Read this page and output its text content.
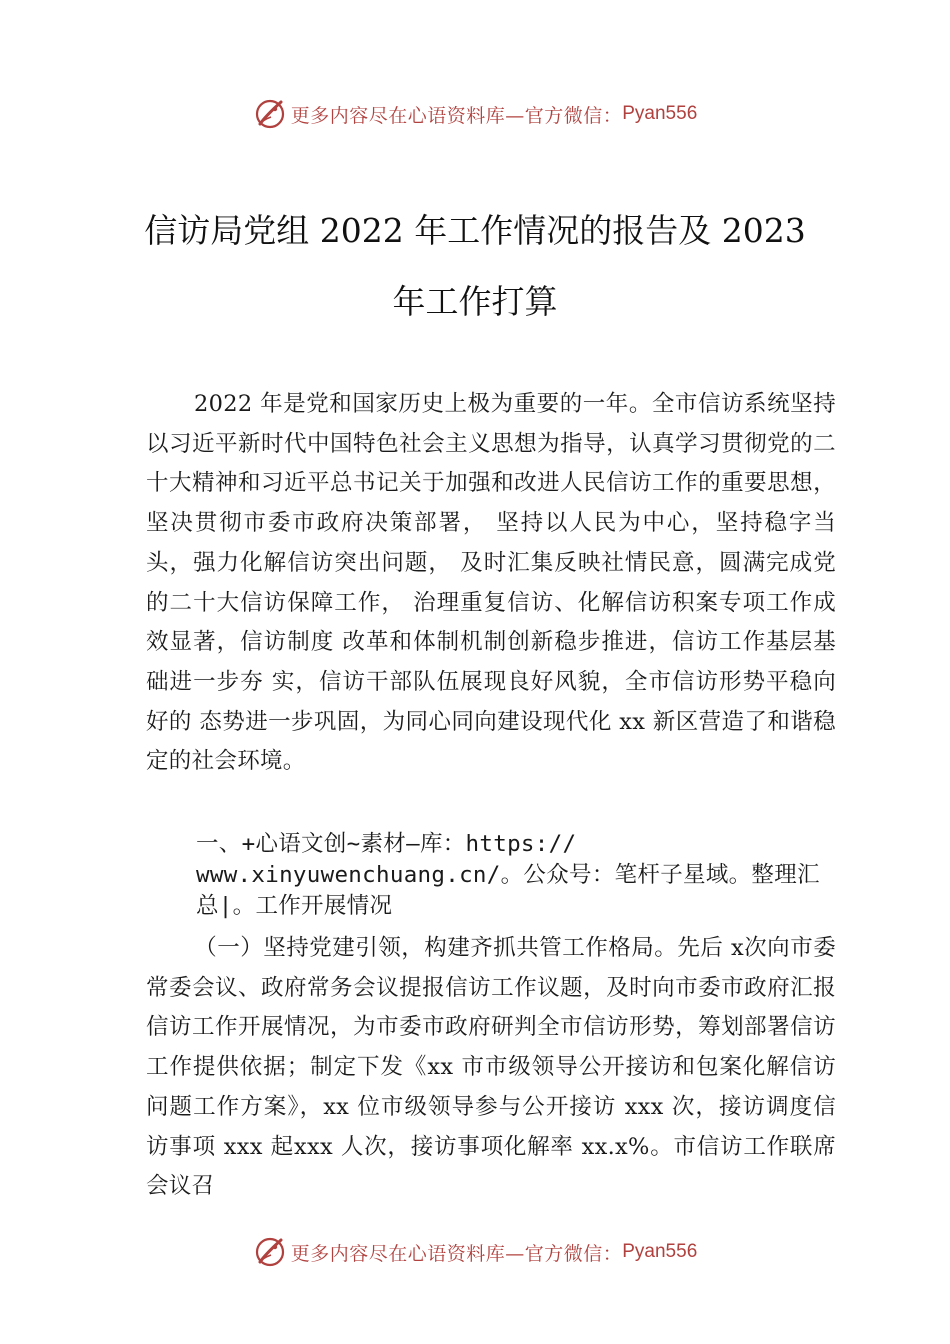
更多内容尽在心语资料库—官方微信： Pyan556
信访局党组 2022 年工作情况的报告及 2023
年工作打算
2022 年是党和国家历史上极为重要的一年。全市信访系统坚持以习近平新时代中国特色社会主义思想为指导，认真学习贯彻党的二十大精神和习近平总书记关于加强和改进人民信访工作的重要思想，坚决贯彻市委市政府决策部署， 坚持以人民为中心，坚持稳字当头，强力化解信访突出问题， 及时汇集反映社情民意，圆满完成党的二十大信访保障工作， 治理重复信访、化解信访积案专项工作成效显著，信访制度 改革和体制机制创新稳步推进，信访工作基层基础进一步夯 实，信访干部队伍展现良好风貌，全市信访形势平稳向好的 态势进一步巩固，为同心同向建设现代化 xx 新区营造了和谐稳定的社会环境。
一、+心语文创~素材—库：https://
www.xinyuwenchuang.cn/。公众号：笔杆子星域。整理汇
总|。工作开展情况
（一）坚持党建引领，构建齐抓共管工作格局。先后 x次向市委常委会议、政府常务会议提报信访工作议题，及时向市委市政府汇报信访工作开展情况，为市委市政府研判全市信访形势，筹划部署信访工作提供依据；制定下发《xx 市市级领导公开接访和包案化解信访问题工作方案》，xx 位市级领导参与公开接访 xxx 次，接访调度信访事项 xxx 起xxx 人次，接访事项化解率 xx.x%。市信访工作联席会议召
更多内容尽在心语资料库—官方微信： Pyan556
